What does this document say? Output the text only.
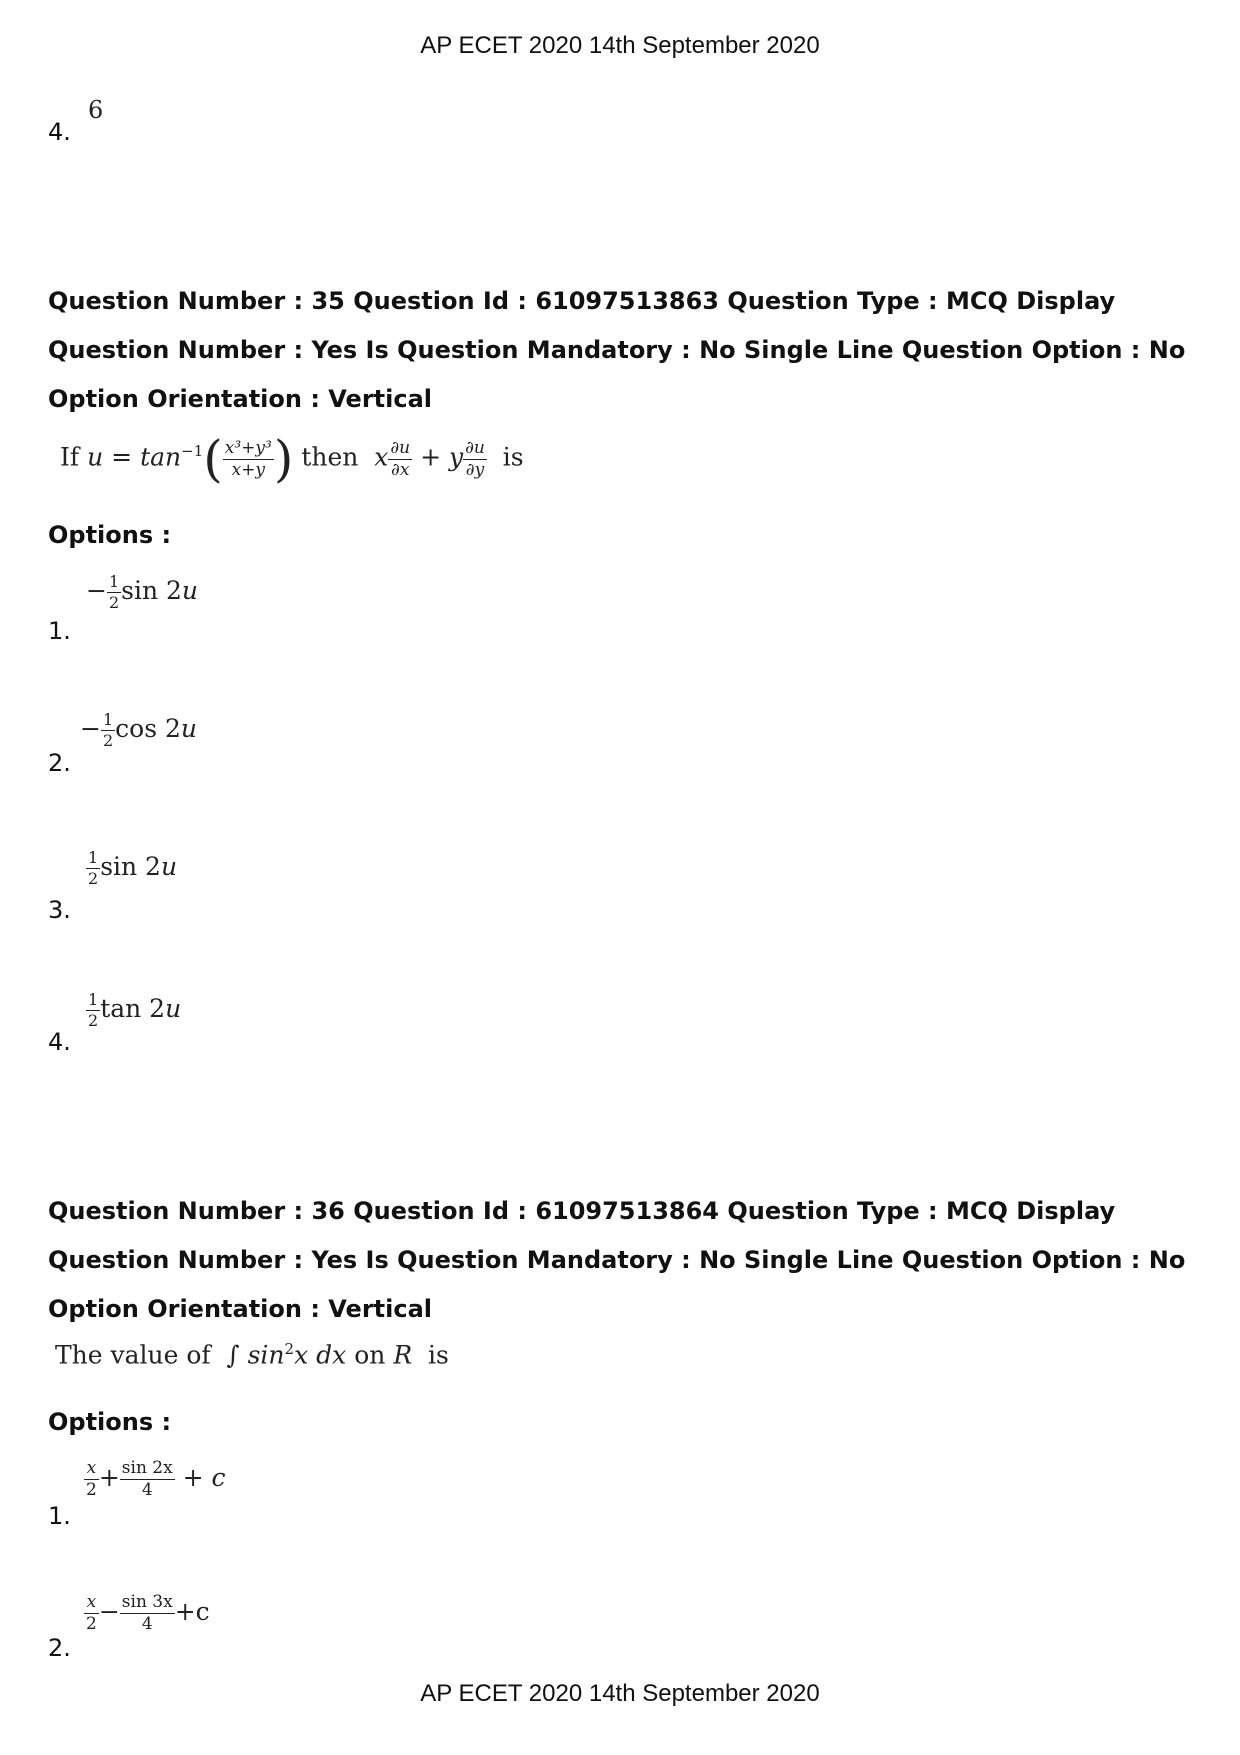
AP ECET 2020 14th September 2020
4.
6
Question Number : 35 Question Id : 61097513863 Question Type : MCQ Display Question Number : Yes Is Question Mandatory : No Single Line Question Option : No Option Orientation : Vertical
If $u = \tan^{-1}( \frac{\text{x³+y³}}{x+y}$ ) then x $\frac{\partial u}{\partial x} + y \frac{\partial u}{\partial y}$ is
Options :
1.
− $\frac{1}{2}$ sin 2u
2.
− $\frac{1}{2}$ cos 2u
3.
$\frac{1}{2}$ sin 2u
4.
$\frac{1}{2}$ tan 2u
Question Number : 36 Question Id : 61097513864 Question Type : MCQ Display Question Number : Yes Is Question Mandatory : No Single Line Question Option : No Option Orientation : Vertical
The value of ∫ $\sin^2x$ dx on R is
Options :
1.
$\frac{x}{2} + \frac{\sin 2x}{4} + c$
2.
$\frac{x}{2} - \frac{\sin 3x}{4} +c$
AP ECET 2020 14th September 2020
